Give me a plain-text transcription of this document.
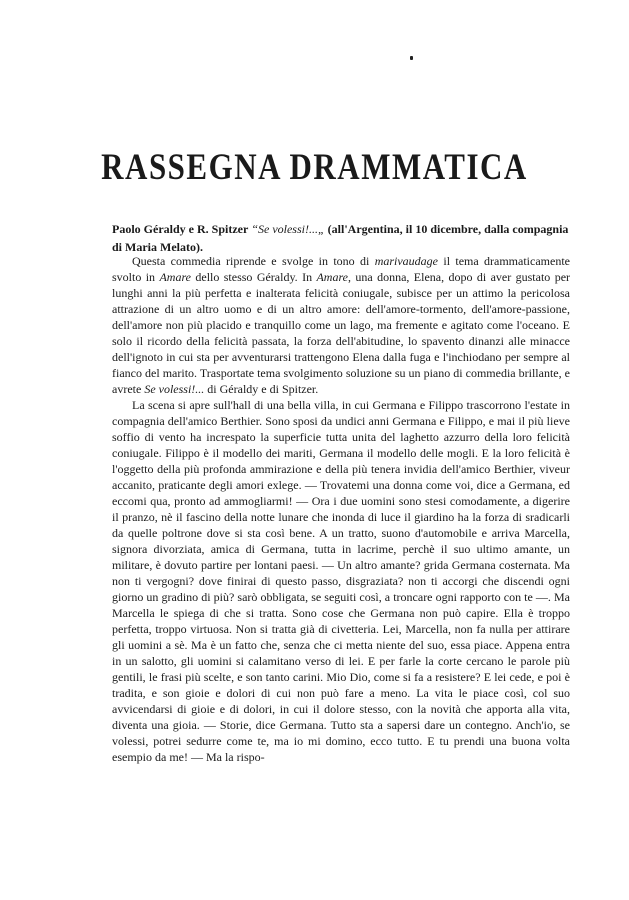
RASSEGNA DRAMMATICA

Paolo Géraldy e R. Spitzer “Se volessi!...„ (all'Argentina, il 10 dicembre, dalla compagnia di Maria Melato).

Questa commedia riprende e svolge in tono di marivaudage il tema drammaticamente svolto in Amare dello stesso Géraldy. In Amare, una donna, Elena, dopo di aver gustato per lunghi anni la più perfetta e inalterata felicità coniugale, subisce per un attimo la pericolosa attrazione di un altro uomo e di un altro amore: dell'amore-tormento, dell'amore-passione, dell'amore non più placido e tranquillo come un lago, ma fremente e agitato come l'oceano. E solo il ricordo della felicità passata, la forza dell'abitudine, lo spavento dinanzi alle minacce dell'ignoto in cui sta per avventurarsi trattengono Elena dalla fuga e l'inchiodano per sempre al fianco del marito. Trasportate tema svolgimento soluzione su un piano di commedia brillante, e avrete Se volessi!... di Géraldy e di Spitzer.

La scena si apre sull'hall di una bella villa, in cui Germana e Filippo trascorrono l'estate in compagnia dell'amico Berthier. Sono sposi da undici anni Germana e Filippo, e mai il più lieve soffio di vento ha increspato la superficie tutta unita del laghetto azzurro della loro felicità coniugale. Filippo è il modello dei mariti, Germana il modello delle mogli. E la loro felicità è l'oggetto della più profonda ammirazione e della più tenera invidia dell'amico Berthier, viveur accanito, praticante degli amori exlege. — Trovatemi una donna come voi, dice a Germana, ed eccomi qua, pronto ad ammogliarmi! — Ora i due uomini sono stesi comodamente, a digerire il pranzo, nè il fascino della notte lunare che inonda di luce il giardino ha la forza di sradicarli da quelle poltrone dove si sta così bene. A un tratto, suono d'automobile e arriva Marcella, signora divorziata, amica di Germana, tutta in lacrime, perchè il suo ultimo amante, un militare, è dovuto partire per lontani paesi. — Un altro amante? grida Germana costernata. Ma non ti vergogni? dove finirai di questo passo, disgraziata? non ti accorgi che discendi ogni giorno un gradino di più? sarò obbligata, se seguiti così, a troncare ogni rapporto con te —. Ma Marcella le spiega di che si tratta. Sono cose che Germana non può capire. Ella è troppo perfetta, troppo virtuosa. Non si tratta già di civetteria. Lei, Marcella, non fa nulla per attirare gli uomini a sè. Ma è un fatto che, senza che ci metta niente del suo, essa piace. Appena entra in un salotto, gli uomini si calamitano verso di lei. E per farle la corte cercano le parole più gentili, le frasi più scelte, e son tanto carini. Mio Dio, come si fa a resistere? E lei cede, e poi è tradita, e son gioie e dolori di cui non può fare a meno. La vita le piace così, col suo avvicendarsi di gioie e di dolori, in cui il dolore stesso, con la novità che apporta alla vita, diventa una gioia. — Storie, dice Germana. Tutto sta a sapersi dare un contegno. Anch'io, se volessi, potrei sedurre come te, ma io mi domino, ecco tutto. E tu prendi una buona volta esempio da me! — Ma la rispo-
